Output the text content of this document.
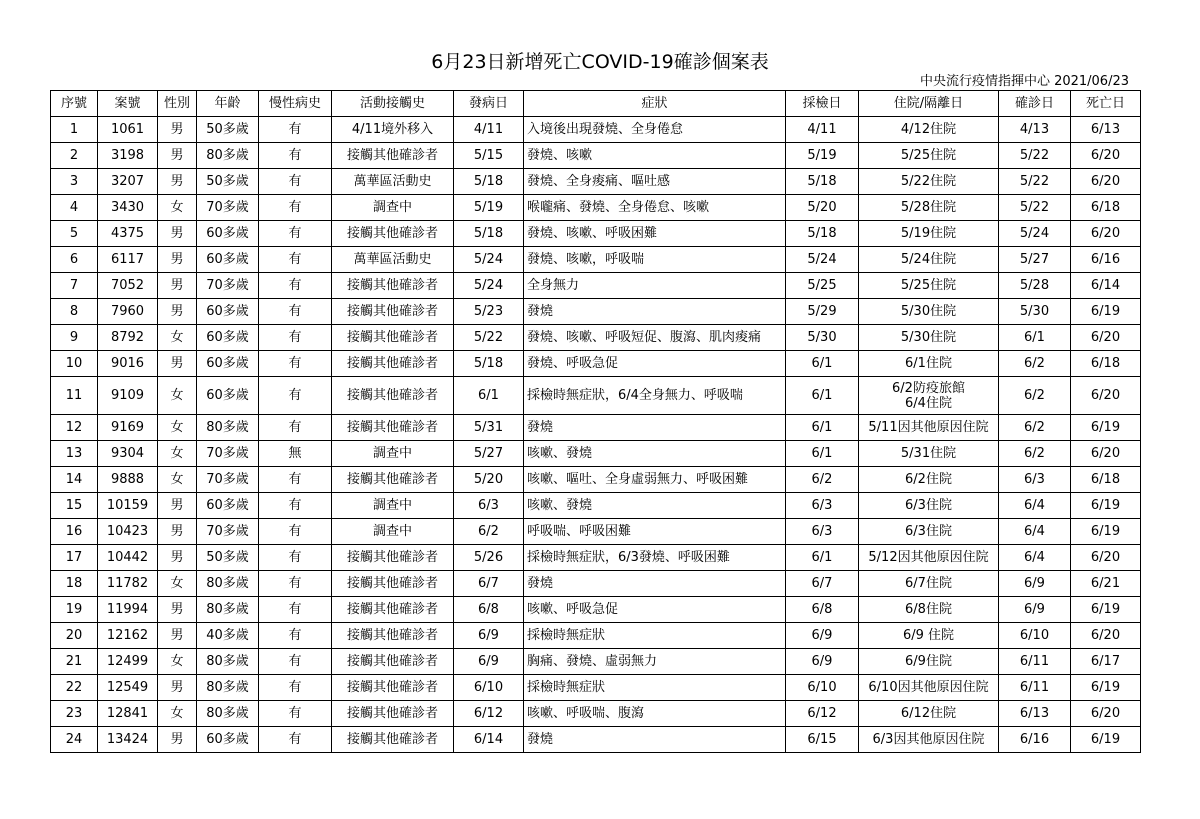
6月23日新增死亡COVID-19確診個案表
中央流行疫情指揮中心 2021/06/23
序號	案號	性別	年齡	慢性病史	活動接觸史	發病日	症狀	採檢日	住院/隔離日	確診日	死亡日
1	1061	男	50多歲	有	4/11境外移入	4/11	入境後出現發燒、全身倦怠	4/11	4/12住院	4/13	6/13
2	3198	男	80多歲	有	接觸其他確診者	5/15	發燒、咳嗽	5/19	5/25住院	5/22	6/20
3	3207	男	50多歲	有	萬華區活動史	5/18	發燒、全身痠痛、嘔吐感	5/18	5/22住院	5/22	6/20
4	3430	女	70多歲	有	調查中	5/19	喉嚨痛、發燒、全身倦怠、咳嗽	5/20	5/28住院	5/22	6/18
5	4375	男	60多歲	有	接觸其他確診者	5/18	發燒、咳嗽、呼吸困難	5/18	5/19住院	5/24	6/20
6	6117	男	60多歲	有	萬華區活動史	5/24	發燒、咳嗽，呼吸喘	5/24	5/24住院	5/27	6/16
7	7052	男	70多歲	有	接觸其他確診者	5/24	全身無力	5/25	5/25住院	5/28	6/14
8	7960	男	60多歲	有	接觸其他確診者	5/23	發燒	5/29	5/30住院	5/30	6/19
9	8792	女	60多歲	有	接觸其他確診者	5/22	發燒、咳嗽、呼吸短促、腹瀉、肌肉痠痛	5/30	5/30住院	6/1	6/20
10	9016	男	60多歲	有	接觸其他確診者	5/18	發燒、呼吸急促	6/1	6/1住院	6/2	6/18
11	9109	女	60多歲	有	接觸其他確診者	6/1	採檢時無症狀，6/4全身無力、呼吸喘	6/1	6/2防疫旅館
6/4住院	6/2	6/20
12	9169	女	80多歲	有	接觸其他確診者	5/31	發燒	6/1	5/11因其他原因住院	6/2	6/19
13	9304	女	70多歲	無	調查中	5/27	咳嗽、發燒	6/1	5/31住院	6/2	6/20
14	9888	女	70多歲	有	接觸其他確診者	5/20	咳嗽、嘔吐、全身虛弱無力、呼吸困難	6/2	6/2住院	6/3	6/18
15	10159	男	60多歲	有	調查中	6/3	咳嗽、發燒	6/3	6/3住院	6/4	6/19
16	10423	男	70多歲	有	調查中	6/2	呼吸喘、呼吸困難	6/3	6/3住院	6/4	6/19
17	10442	男	50多歲	有	接觸其他確診者	5/26	採檢時無症狀，6/3發燒、呼吸困難	6/1	5/12因其他原因住院	6/4	6/20
18	11782	女	80多歲	有	接觸其他確診者	6/7	發燒	6/7	6/7住院	6/9	6/21
19	11994	男	80多歲	有	接觸其他確診者	6/8	咳嗽、呼吸急促	6/8	6/8住院	6/9	6/19
20	12162	男	40多歲	有	接觸其他確診者	6/9	採檢時無症狀	6/9	6/9 住院	6/10	6/20
21	12499	女	80多歲	有	接觸其他確診者	6/9	胸痛、發燒、虛弱無力	6/9	6/9住院	6/11	6/17
22	12549	男	80多歲	有	接觸其他確診者	6/10	採檢時無症狀	6/10	6/10因其他原因住院	6/11	6/19
23	12841	女	80多歲	有	接觸其他確診者	6/12	咳嗽、呼吸喘、腹瀉	6/12	6/12住院	6/13	6/20
24	13424	男	60多歲	有	接觸其他確診者	6/14	發燒	6/15	6/3因其他原因住院	6/16	6/19
